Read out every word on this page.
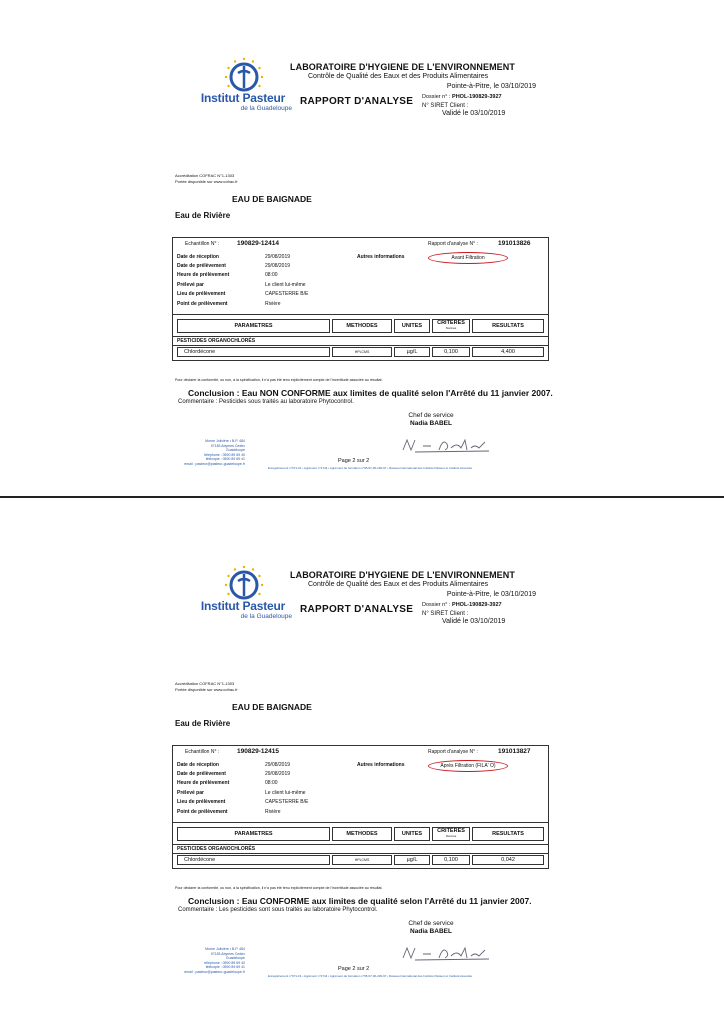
Institut Pasteur
de la Guadeloupe
LABORATOIRE D'HYGIENE DE L'ENVIRONNEMENT
Contrôle de Qualité des Eaux et des Produits Alimentaires
Pointe-à-Pitre, le 03/10/2019
RAPPORT D'ANALYSE Dossier n° : PHOL-190829-3927
N° SIRET Client :
Validé le 03/10/2019
Accréditation COFRAC N°1-1303
Portée disponible sur www.cofrac.fr
EAU DE BAIGNADE
Eau de Rivière
Echantillon N° :	190829-12414	Rapport d'analyse N° :	191013826
Autres informations	Avant Filtration
Date de réception	29/08/2019
Date de prélèvement	29/08/2019
Heure de prélèvement	08:00
Prélevé par	Le client lui-même
Lieu de prélèvement	CAPESTERRE B/E
Point de prélèvement	Rivière
PARAMETRES	METHODES	UNITES	CRITERES
Normes	RESULTATS
PESTICIDES ORGANOCHLORÉS
Chlordécone	HPLCMS	µg/L	0,100	4,400
Pour déclarer la conformité, ou non, à la spécification, il n'a pas été tenu explicitement compte de l'incertitude associée au résultat.
Conclusion : Eau NON CONFORME aux limites de qualité selon l'Arrêté du 11 janvier 2007.
Commentaire : Pesticides sous traités au laboratoire Phytocontrol.
Chef de service
Nadia BABEL
Morne Jolivière • B.P. 484
97183 Abymes Cedex
Guadeloupe
téléphone : 0590 89 69 40
télécopie : 0590 89 69 41
email : pasteur@pasteur-guadeloupe.fr	Page 2 sur 2
Enregistrement n°971-01 • Agrément n°2744 • Agrément de formation n°95-97-00-236-97 • Réseau International des Instituts Pasteur et Instituts Associés
Institut Pasteur
de la Guadeloupe
LABORATOIRE D'HYGIENE DE L'ENVIRONNEMENT
Contrôle de Qualité des Eaux et des Produits Alimentaires
Pointe-à-Pitre, le 03/10/2019
RAPPORT D'ANALYSE Dossier n° : PHOL-190829-3927
N° SIRET Client :
Validé le 03/10/2019
Accréditation COFRAC N°1-1303
Portée disponible sur www.cofrac.fr
EAU DE BAIGNADE
Eau de Rivière
Echantillon N° :	190829-12415	Rapport d'analyse N° :	191013827
Autres informations	Après Filtration (FILA' O)
Date de réception	29/08/2019
Date de prélèvement	29/08/2019
Heure de prélèvement	08:00
Prélevé par	Le client lui-même
Lieu de prélèvement	CAPESTERRE B/E
Point de prélèvement	Rivière
PARAMETRES	METHODES	UNITES	CRITERES
Normes	RESULTATS
PESTICIDES ORGANOCHLORÉS
Chlordécone	HPLCMS	µg/L	0,100	0,042
Pour déclarer la conformité, ou non, à la spécification, il n'a pas été tenu explicitement compte de l'incertitude associée au résultat.
Conclusion : Eau CONFORME aux limites de qualité selon l'Arrêté du 11 janvier 2007.
Commentaire : Les pesticides sont sous traités au laboratoire Phytocontrol.
Chef de service
Nadia BABEL
Morne Jolivière • B.P. 484
97183 Abymes Cedex
Guadeloupe
téléphone : 0590 89 69 40
télécopie : 0590 89 69 41
email : pasteur@pasteur-guadeloupe.fr	Page 2 sur 2
Enregistrement n°971-01 • Agrément n°2744 • Agrément de formation n°95-97-00-236-97 • Réseau International des Instituts Pasteur et Instituts Associés
